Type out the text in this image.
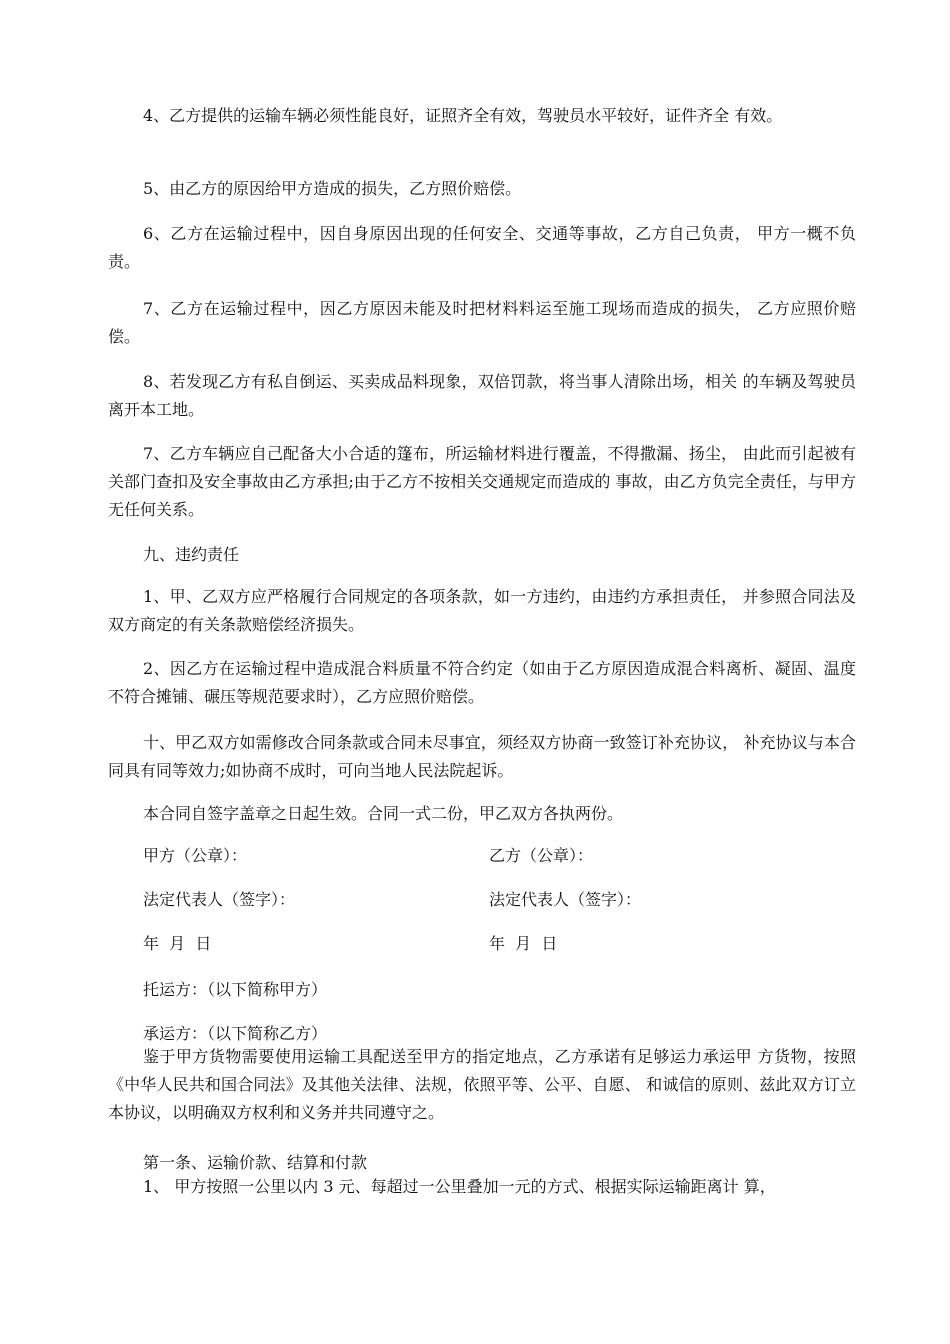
4、乙方提供的运输车辆必须性能良好，证照齐全有效，驾驶员水平较好，证件齐全 有效。

5、由乙方的原因给甲方造成的损失，乙方照价赔偿。

6、乙方在运输过程中，因自身原因出现的任何安全、交通等事故，乙方自己负责， 甲方一概不负责。

7、乙方在运输过程中，因乙方原因未能及时把材料料运至施工现场而造成的损失， 乙方应照价赔偿。

8、若发现乙方有私自倒运、买卖成品料现象，双倍罚款，将当事人清除出场，相关 的车辆及驾驶员离开本工地。

7、乙方车辆应自己配备大小合适的篷布，所运输材料进行覆盖，不得撒漏、扬尘， 由此而引起被有关部门查扣及安全事故由乙方承担;由于乙方不按相关交通规定而造成的 事故，由乙方负完全责任，与甲方无任何关系。

九、违约责任

1、甲、乙双方应严格履行合同规定的各项条款，如一方违约，由违约方承担责任， 并参照合同法及双方商定的有关条款赔偿经济损失。

2、因乙方在运输过程中造成混合料质量不符合约定（如由于乙方原因造成混合料离析、凝固、温度不符合摊铺、碾压等规范要求时），乙方应照价赔偿。

十、甲乙双方如需修改合同条款或合同未尽事宜，须经双方协商一致签订补充协议， 补充协议与本合同具有同等效力;如协商不成时，可向当地人民法院起诉。

本合同自签字盖章之日起生效。合同一式二份，甲乙双方各执两份。

甲方（公章）：	乙方（公章）：
法定代表人（签字）：	法定代表人（签字）：
年  月  日	年  月  日

托运方：（以下简称甲方）

承运方：（以下简称乙方）

鉴于甲方货物需要使用运输工具配送至甲方的指定地点，乙方承诺有足够运力承运甲 方货物，按照《中华人民共和国合同法》及其他关法律、法规，依照平等、公平、自愿、 和诚信的原则、兹此双方订立本协议，以明确双方权利和义务并共同遵守之。

第一条、运输价款、结算和付款

1、 甲方按照一公里以内 3 元、每超过一公里叠加一元的方式、根据实际运输距离计 算，
